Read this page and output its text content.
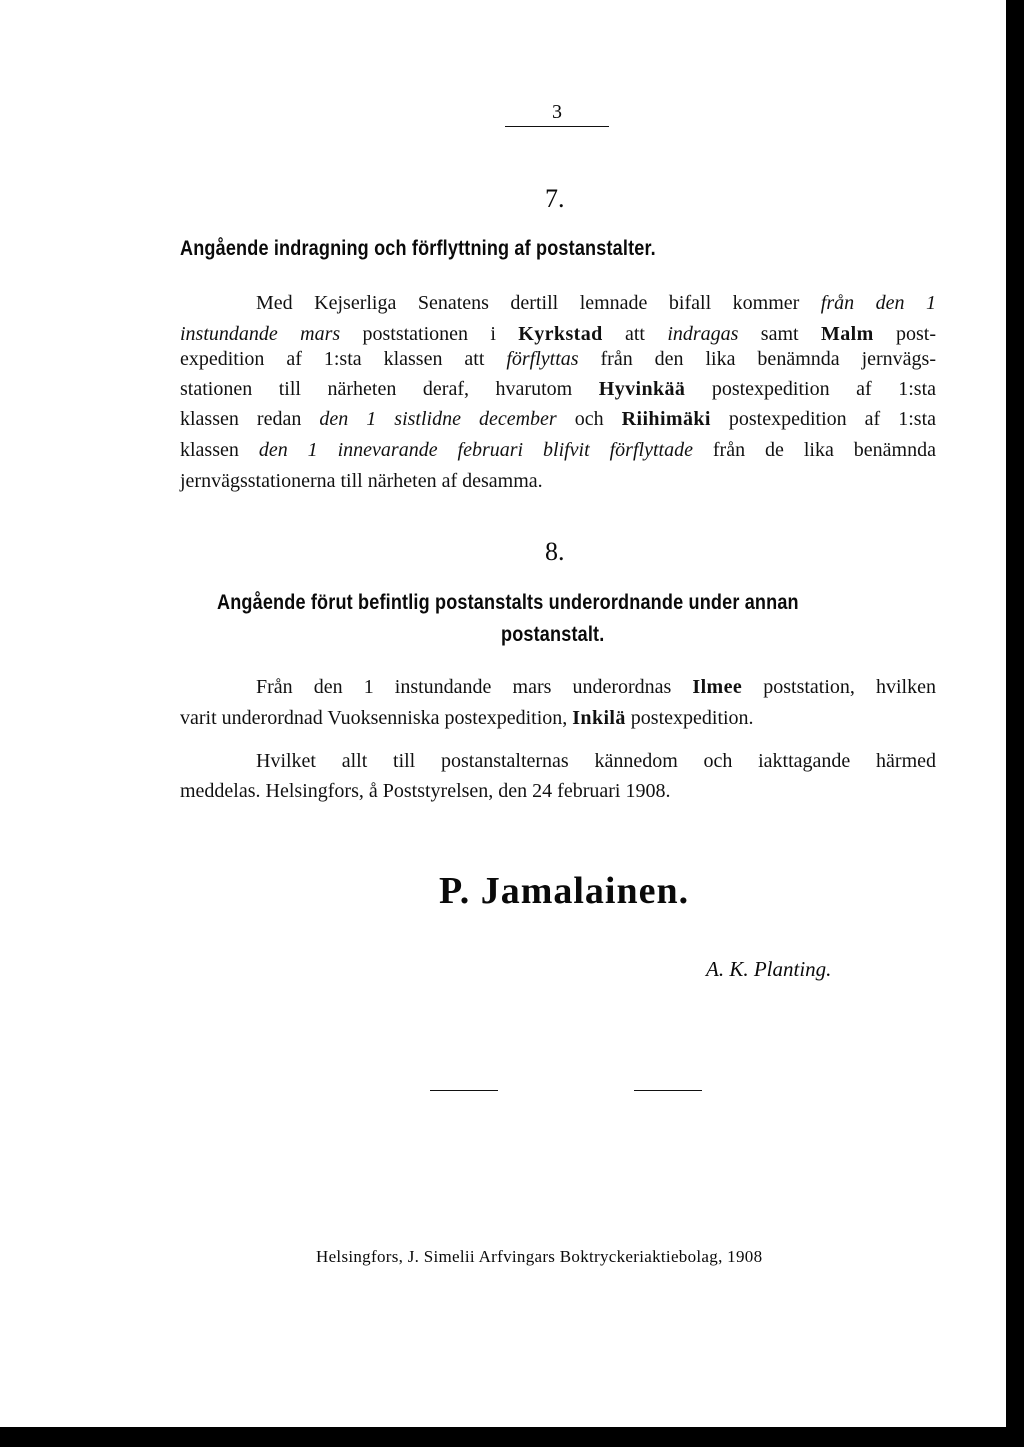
3
7.
Angående indragning och förflyttning af postanstalter.
Med Kejserliga Senatens dertill lemnade bifall kommer från den 1
instundande mars poststationen i Kyrkstad att indragas samt Malm post-
expedition af 1:sta klassen att förflyttas från den lika benämnda jernvägs-
stationen till närheten deraf, hvarutom Hyvinkää postexpedition af 1:sta
klassen redan den 1 sistlidne december och Riihimäki postexpedition af 1:sta
klassen den 1 innevarande februari blifvit förflyttade från de lika benämnda
jernvägsstationerna till närheten af desamma.
8.
Angående förut befintlig postanstalts underordnande under annan
postanstalt.
Från den 1 instundande mars underordnas Ilmee poststation, hvilken
varit underordnad Vuoksenniska postexpedition, Inkilä postexpedition.
Hvilket allt till postanstalternas kännedom och iakttagande härmed
meddelas. Helsingfors, å Poststyrelsen, den 24 februari 1908.
P. Jamalainen.
A. K. Planting.
Helsingfors, J. Simelii Arfvingars Boktryckeriaktiebolag, 1908
